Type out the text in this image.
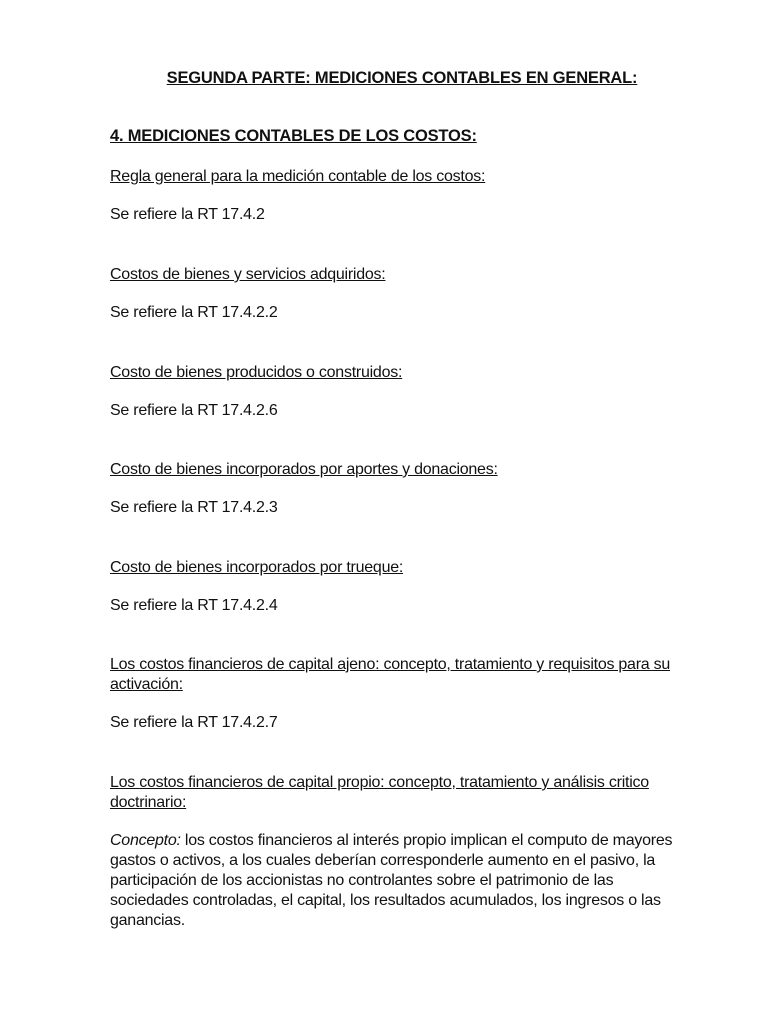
SEGUNDA PARTE: MEDICIONES CONTABLES EN GENERAL:
4. MEDICIONES CONTABLES DE LOS COSTOS:
Regla general para la medición contable de los costos:
Se refiere la RT 17.4.2
Costos de bienes y servicios adquiridos:
Se refiere la RT 17.4.2.2
Costo de bienes producidos o construidos:
Se refiere la RT 17.4.2.6
Costo de bienes incorporados por aportes y donaciones:
Se refiere la RT 17.4.2.3
Costo de bienes incorporados por trueque:
Se refiere la RT 17.4.2.4
Los costos financieros de capital ajeno: concepto, tratamiento y requisitos para su activación:
Se refiere la RT 17.4.2.7
Los costos financieros de capital propio: concepto, tratamiento y análisis critico doctrinario:
Concepto: los costos financieros al interés propio implican el computo de mayores gastos o activos, a los cuales deberían corresponderle aumento en el pasivo, la participación de los accionistas no controlantes sobre el patrimonio de las sociedades controladas, el capital, los resultados acumulados, los ingresos o las ganancias.
